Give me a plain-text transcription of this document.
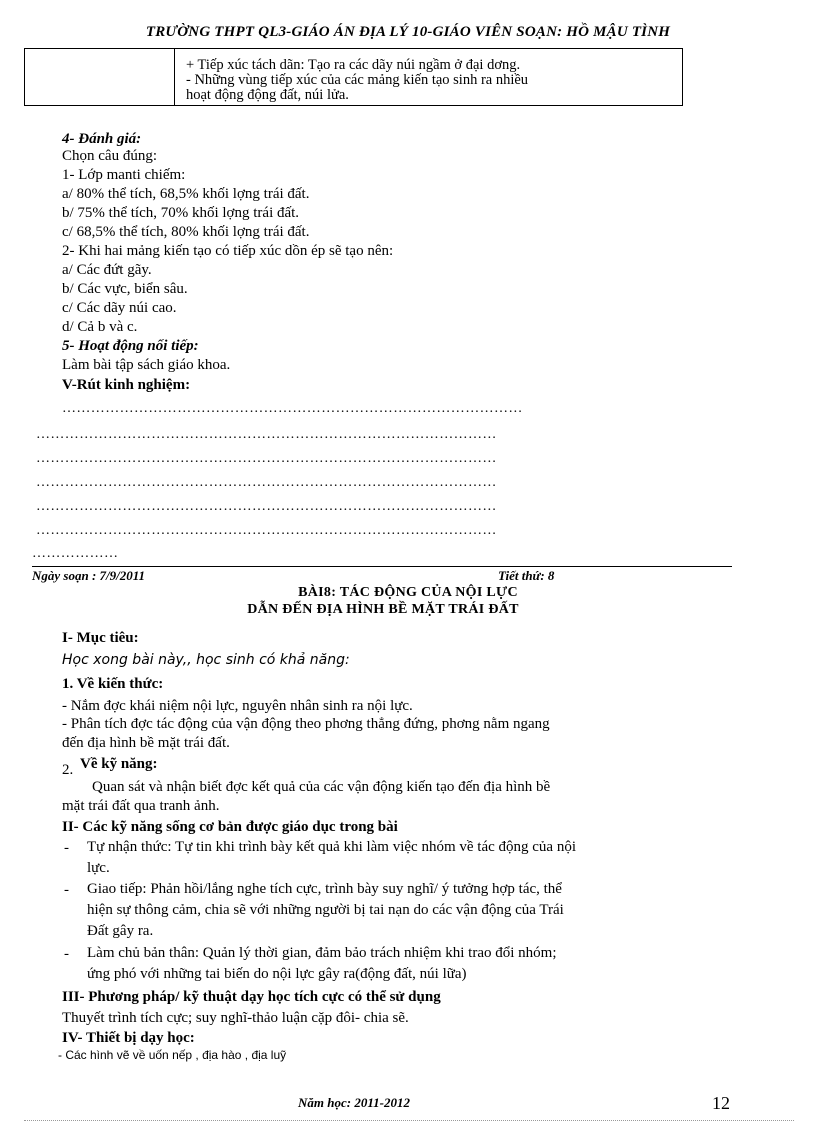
TRƯỜNG THPT QL3-GIÁO ÁN ĐỊA LÝ 10-GIÁO VIÊN SOẠN: HỒ MẬU TÌNH
+ Tiếp xúc tách dãn: Tạo ra các dãy núi ngầm ở đại dơng.
- Những vùng tiếp xúc của các mảng kiến tạo sinh ra nhiều
hoạt động động đất, núi lửa.
4- Đánh giá:
Chọn câu đúng:
1- Lớp manti chiếm:
a/ 80% thể tích, 68,5% khối lợng trái đất.
b/ 75% thể tích, 70% khối lợng trái đất.
c/ 68,5% thể tích, 80% khối lợng trái đất.
2- Khi hai mảng kiến tạo có tiếp xúc dồn ép sẽ tạo nên:
a/ Các đứt gãy.
b/ Các vực, biển sâu.
c/ Các dãy núi cao.
d/ Cả b và c.
5- Hoạt động nối tiếp:
Làm bài tập sách giáo khoa.
V-Rút kinh nghiệm:
……………………………………………………………………………………
……………………………………………………………………………………
……………………………………………………………………………………
……………………………………………………………………………………
……………………………………………………………………………………
……………………………………………………………………………………
………………
Ngày soạn : 7/9/2011	Tiết thứ: 8
BÀI8: TÁC ĐỘNG CỦA NỘI LỰC
DẪN ĐẾN ĐỊA HÌNH BỀ MẶT TRÁI ĐẤT
I- Mục tiêu:
Học xong bài này,, học sinh có khả năng:
1. Về kiến thức:
- Nắm đợc khái niệm nội lực, nguyên nhân sinh ra nội lực.
- Phân tích đợc tác động của vận động theo phơng thẳng đứng, phơng nằm ngang
đến địa hình bề mặt trái đất.
2. Về kỹ năng:
Quan sát và nhận biết đợc kết quả của các vận động kiến tạo đến địa hình bề
mặt trái đất qua tranh ảnh.
II- Các kỹ năng sống cơ bản được giáo dục trong bài
- Tự nhận thức: Tự tin khi trình bày kết quả khi làm việc nhóm về tác động của nội
lực.
- Giao tiếp: Phản hồi/lắng nghe tích cực, trình bày suy nghĩ/ ý tưởng hợp tác, thể
hiện sự thông cảm, chia sẽ với những người bị tai nạn do các vận động của Trái
Đất gây ra.
- Làm chủ bản thân: Quản lý thời gian, đảm bảo trách nhiệm khi trao đổi nhóm;
ứng phó với những tai biến do nội lực gây ra(động đất, núi lữa)
III- Phương pháp/ kỹ thuật dạy học tích cực có thể sử dụng
Thuyết trình tích cực; suy nghĩ-thảo luận cặp đôi- chia sẽ.
IV- Thiết bị dạy học:
- Các hình vẽ về uốn nếp , địa hào , địa luỹ
Năm học: 2011-2012	12
